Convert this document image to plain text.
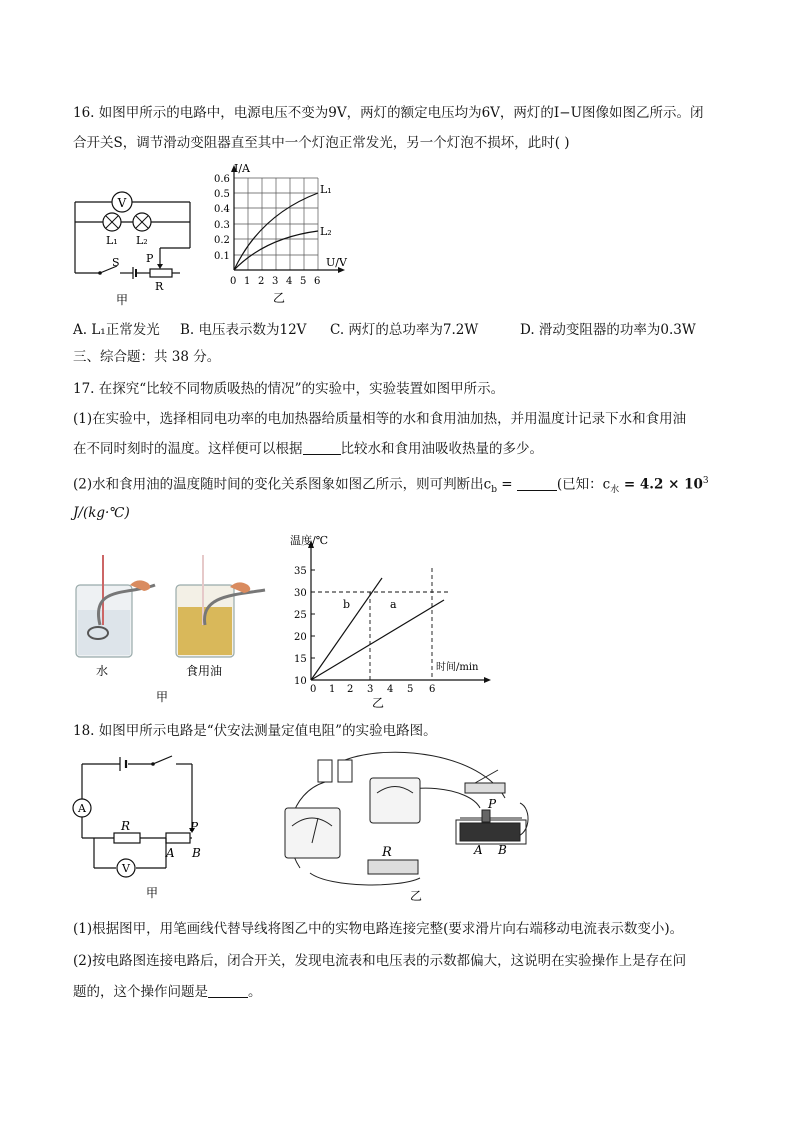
16. 如图甲所示的电路中，电源电压不变为9V，两灯的额定电压均为6V，两灯的I−U图像如图乙所示。闭
合开关S，调节滑动变阻器直至其中一个灯泡正常发光，另一个灯泡不损坏，此时( )
V
L₁ L₂
S P
R
甲
I/A
U/V
0.6
0.5
0.4
0.3
0.2
0.1
0 1 2 3 4 5 6
L₁
L₂
乙
A. L₁正常发光 B. 电压表示数为12V C. 两灯的总功率为7.2W	D. 滑动变阻器的功率为0.3W
三、综合题：共 38 分。
17. 在探究“比较不同物质吸热的情况”的实验中，实验装置如图甲所示。
(1)在实验中，选择相同电功率的电加热器给质量相等的水和食用油加热，并用温度计记录下水和食用油
在不同时刻时的温度。这样便可以根据	比较水和食用油吸收热量的多少。
(2)水和食用油的温度随时间的变化关系图象如图乙所示，则可判断出$c_b$ =	(已知：$c_水 = 4.2 \times 10^3$
J/(kg·℃)
水	食用油
甲
温度/℃
时间/min
35
30
25
20
15
10
0 1 2 3 4 5 6
b	a
乙
18. 如图甲所示电路是“伏安法测量定值电阻”的实验电路图。
A
V
R	P
A B
甲
R
P
A B
乙
(1)根据图甲，用笔画线代替导线将图乙中的实物电路连接完整(要求滑片向右端移动电流表示数变小)。
(2)按电路图连接电路后，闭合开关，发现电流表和电压表的示数都偏大，这说明在实验操作上是存在问
题的，这个操作问题是	。
